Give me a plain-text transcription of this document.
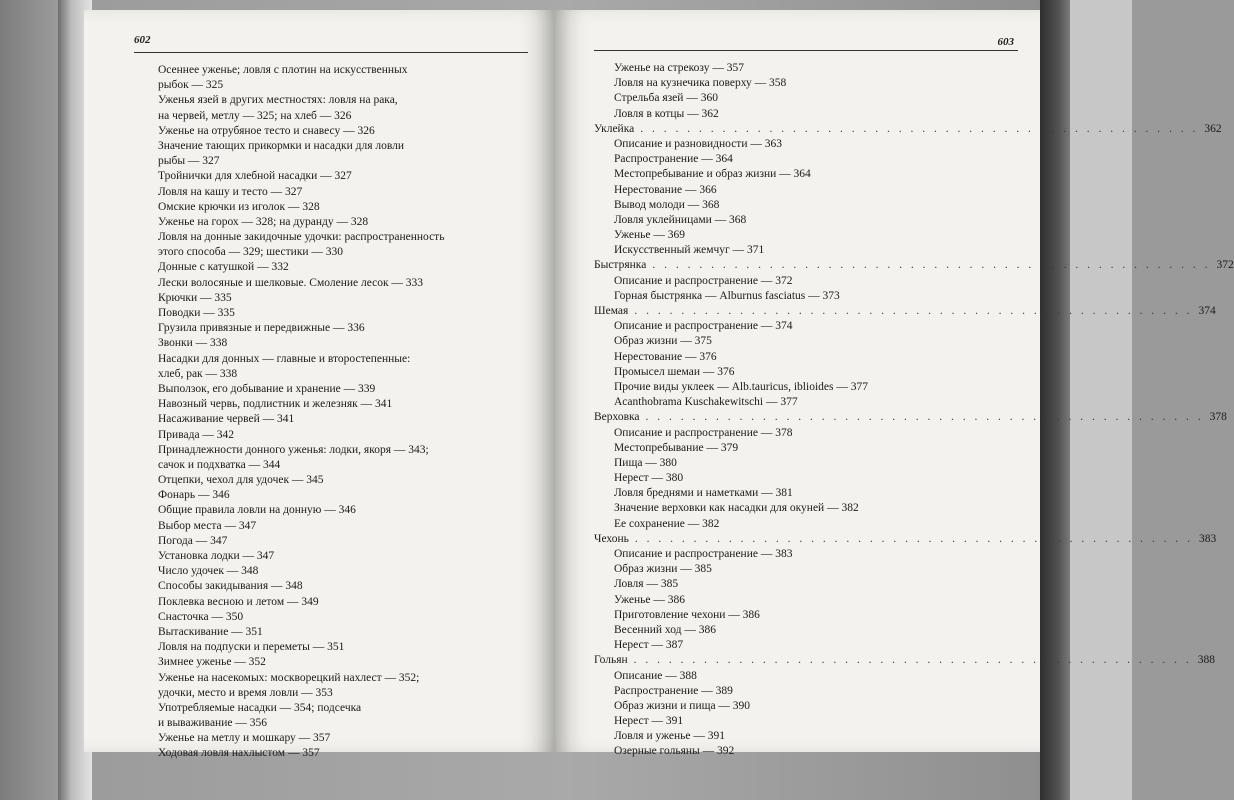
602
Осеннее уженье; ловля с плотин на искусственных
рыбок — 325
Уженья язей в других местностях: ловля на рака,
на червей, метлу — 325; на хлеб — 326
Уженье на отрубяное тесто и снавесу — 326
Значение тающих прикормки и насадки для ловли
рыбы — 327
Тройнички для хлебной насадки — 327
Ловля на кашу и тесто — 327
Омские крючки из иголок — 328
Уженье на горох — 328; на дуранду — 328
Ловля на донные закидочные удочки: распространенность
этого способа — 329; шестики — 330
Донные с катушкой — 332
Лески волосяные и шелковые. Смоление лесок — 333
Крючки — 335
Поводки — 335
Грузила привязные и передвижные — 336
Звонки — 338
Насадки для донных — главные и второстепенные:
хлеб, рак — 338
Выползок, его добывание и хранение — 339
Навозный червь, подлистник и железняк — 341
Насаживание червей — 341
Привада — 342
Принадлежности донного уженья: лодки, якоря — 343;
сачок и подхватка — 344
Отцепки, чехол для удочек — 345
Фонарь — 346
Общие правила ловли на донную — 346
Выбор места — 347
Погода — 347
Установка лодки — 347
Число удочек — 348
Способы закидывания — 348
Поклевка весною и летом — 349
Снасточка — 350
Вытаскивание — 351
Ловля на подпуски и переметы — 351
Зимнее уженье — 352
Уженье на насекомых: москворецкий нахлест — 352;
удочки, место и время ловли — 353
Употребляемые насадки — 354; подсечка
и вываживание — 356
Уженье на метлу и мошкару — 357
Ходовая ловля нахлыстом — 357
603
Уженье на стрекозу — 357
Ловля на кузнечика поверху — 358
Стрельба язей — 360
Ловля в котцы — 362
Уклейка . . . . . . . . . . . . . . . . . . . . . . . . . . . . . . . . . . . . . . . . . . . . . . . . 362
Описание и разновидности — 363
Распространение — 364
Местопребывание и образ жизни — 364
Нерестование — 366
Вывод молоди — 368
Ловля уклейницами — 368
Уженье — 369
Искусственный жемчуг — 371
Быстрянка . . . . . . . . . . . . . . . . . . . . . . . . . . . . . . . . . . . . . . . . . . . . . . . . 372
Описание и распространение — 372
Горная быстрянка — Alburnus fasciatus — 373
Шемая . . . . . . . . . . . . . . . . . . . . . . . . . . . . . . . . . . . . . . . . . . . . . . . . 374
Описание и распространение — 374
Образ жизни — 375
Нерестование — 376
Промысел шемаи — 376
Прочие виды уклеек — Alb.tauricus, iblioides — 377
Acanthobrama Kuschakewitschi — 377
Верховка . . . . . . . . . . . . . . . . . . . . . . . . . . . . . . . . . . . . . . . . . . . . . . . . 378
Описание и распространение — 378
Местопребывание — 379
Пища — 380
Нерест — 380
Ловля бреднями и наметками — 381
Значение верховки как насадки для окуней — 382
Ее сохранение — 382
Чехонь . . . . . . . . . . . . . . . . . . . . . . . . . . . . . . . . . . . . . . . . . . . . . . . . 383
Описание и распространение — 383
Образ жизни — 385
Ловля — 385
Уженье — 386
Приготовление чехони — 386
Весенний ход — 386
Нерест — 387
Гольян . . . . . . . . . . . . . . . . . . . . . . . . . . . . . . . . . . . . . . . . . . . . . . . . 388
Описание — 388
Распространение — 389
Образ жизни и пища — 390
Нерест — 391
Ловля и уженье — 391
Озерные гольяны — 392
